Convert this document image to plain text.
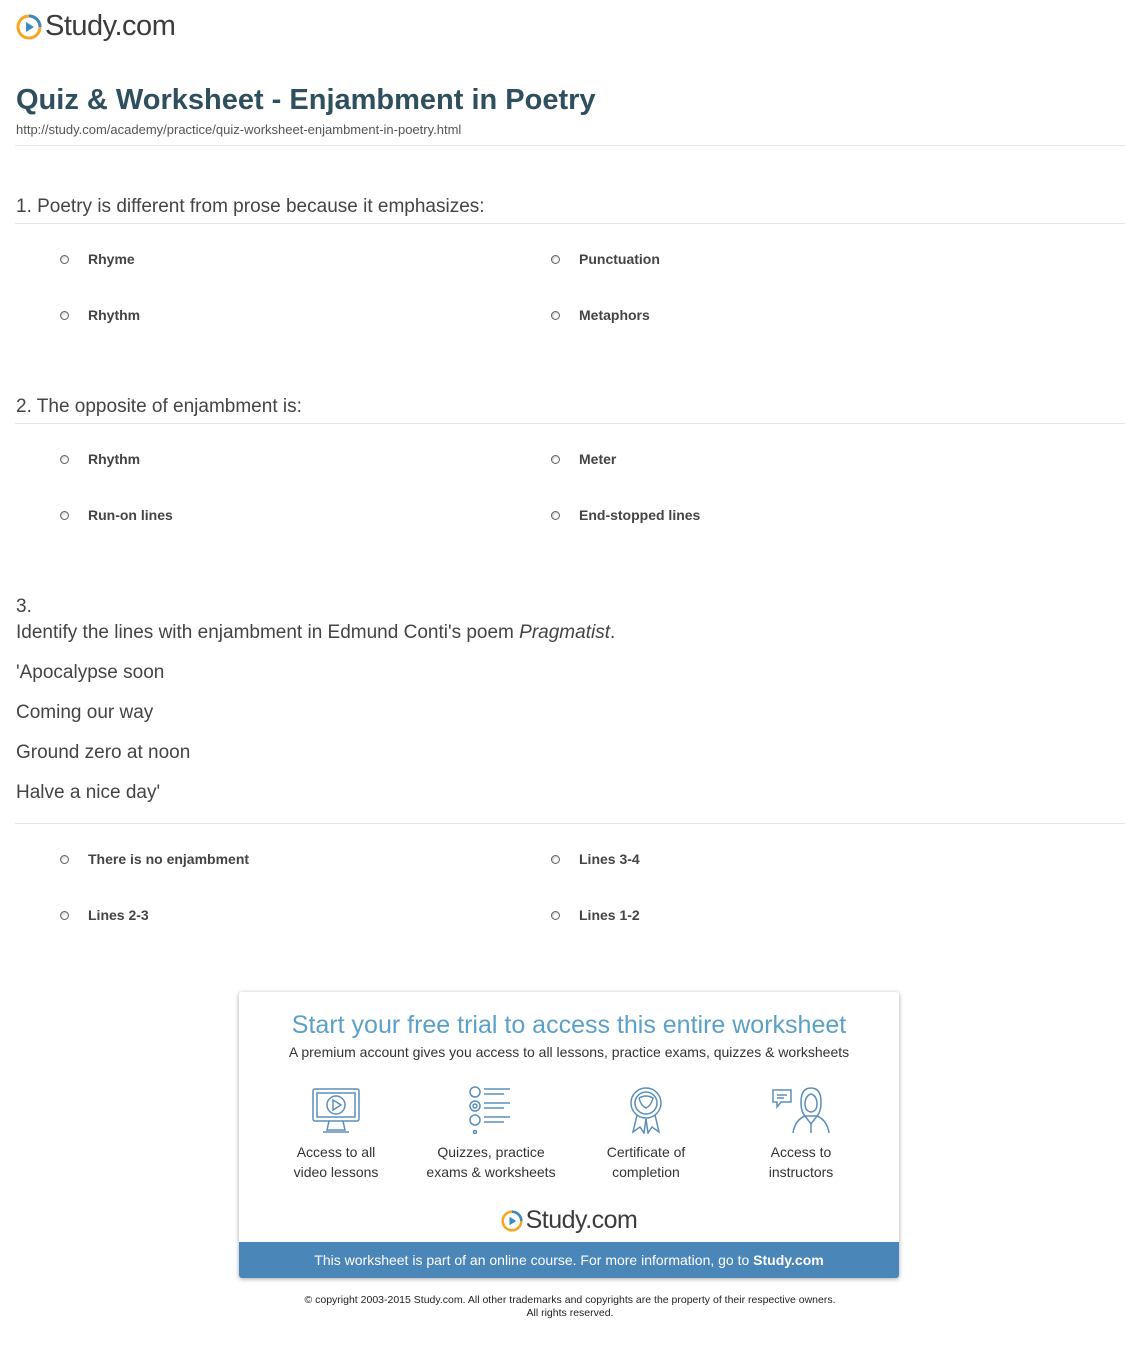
Study.com
Quiz & Worksheet - Enjambment in Poetry
http://study.com/academy/practice/quiz-worksheet-enjambment-in-poetry.html
1. Poetry is different from prose because it emphasizes:
Rhyme	Punctuation
Rhythm	Metaphors
2. The opposite of enjambment is:
Rhythm	Meter
Run-on lines	End-stopped lines
3.
Identify the lines with enjambment in Edmund Conti's poem Pragmatist.
'Apocalypse soon
Coming our way
Ground zero at noon
Halve a nice day'
There is no enjambment	Lines 3-4
Lines 2-3	Lines 1-2
Start your free trial to access this entire worksheet
A premium account gives you access to all lessons, practice exams, quizzes & worksheets
Access to all
video lessons
Quizzes, practice
exams & worksheets
Certificate of
completion
Access to
instructors
Study.com
This worksheet is part of an online course. For more information, go to Study.com
© copyright 2003-2015 Study.com. All other trademarks and copyrights are the property of their respective owners.
All rights reserved.
